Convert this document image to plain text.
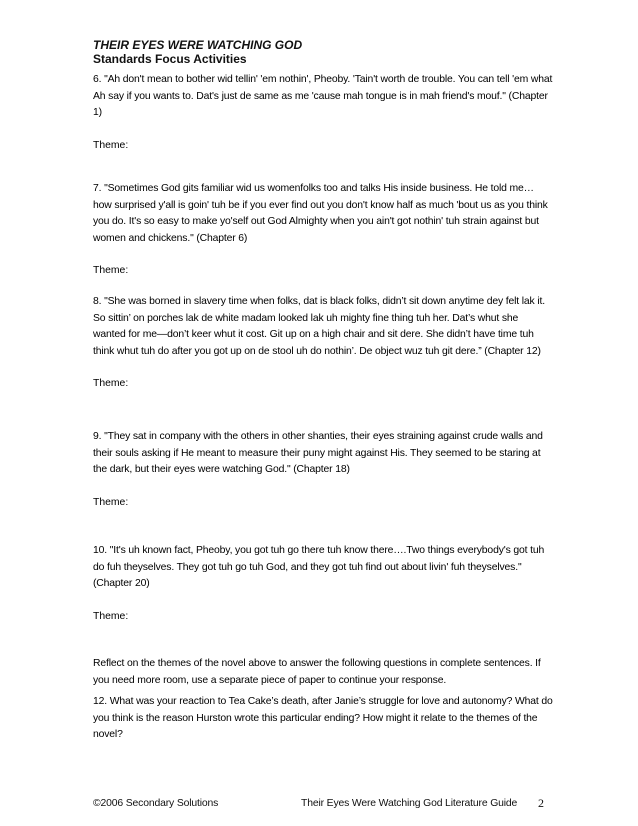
THEIR EYES WERE WATCHING GOD

Standards Focus Activities

6. "Ah don't mean to bother wid tellin' 'em nothin', Pheoby. 'Tain't worth de trouble. You can tell 'em what Ah say if you wants to. Dat's just de same as me 'cause mah tongue is in mah friend's mouf." (Chapter 1)

Theme:

7. "Sometimes God gits familiar wid us womenfolks too and talks His inside business. He told me… how surprised y'all is goin' tuh be if you ever find out you don't know half as much 'bout us as you think you do. It's so easy to make yo'self out God Almighty when you ain't got nothin' tuh strain against but women and chickens." (Chapter 6)

Theme:

8. "She was borned in slavery time when folks, dat is black folks, didn’t sit down anytime dey felt lak it. So sittin’ on porches lak de white madam looked lak uh mighty fine thing tuh her. Dat’s whut she wanted for me—don’t keer whut it cost. Git up on a high chair and sit dere. She didn’t have time tuh think whut tuh do after you got up on de stool uh do nothin’. De object wuz tuh git dere.” (Chapter 12)

Theme:

9. "They sat in company with the others in other shanties, their eyes straining against crude walls and their souls asking if He meant to measure their puny might against His. They seemed to be staring at the dark, but their eyes were watching God." (Chapter 18)

Theme:

10. "It's uh known fact, Pheoby, you got tuh go there tuh know there….Two things everybody's got tuh do fuh theyselves. They got tuh go tuh God, and they got tuh find out about livin' fuh theyselves." (Chapter 20)

Theme:

Reflect on the themes of the novel above to answer the following questions in complete sentences. If you need more room, use a separate piece of paper to continue your response.

12. What was your reaction to Tea Cake’s death, after Janie’s struggle for love and autonomy? What do you think is the reason Hurston wrote this particular ending? How might it relate to the themes of the novel?

©2006 Secondary Solutions	Their Eyes Were Watching God Literature Guide 2
